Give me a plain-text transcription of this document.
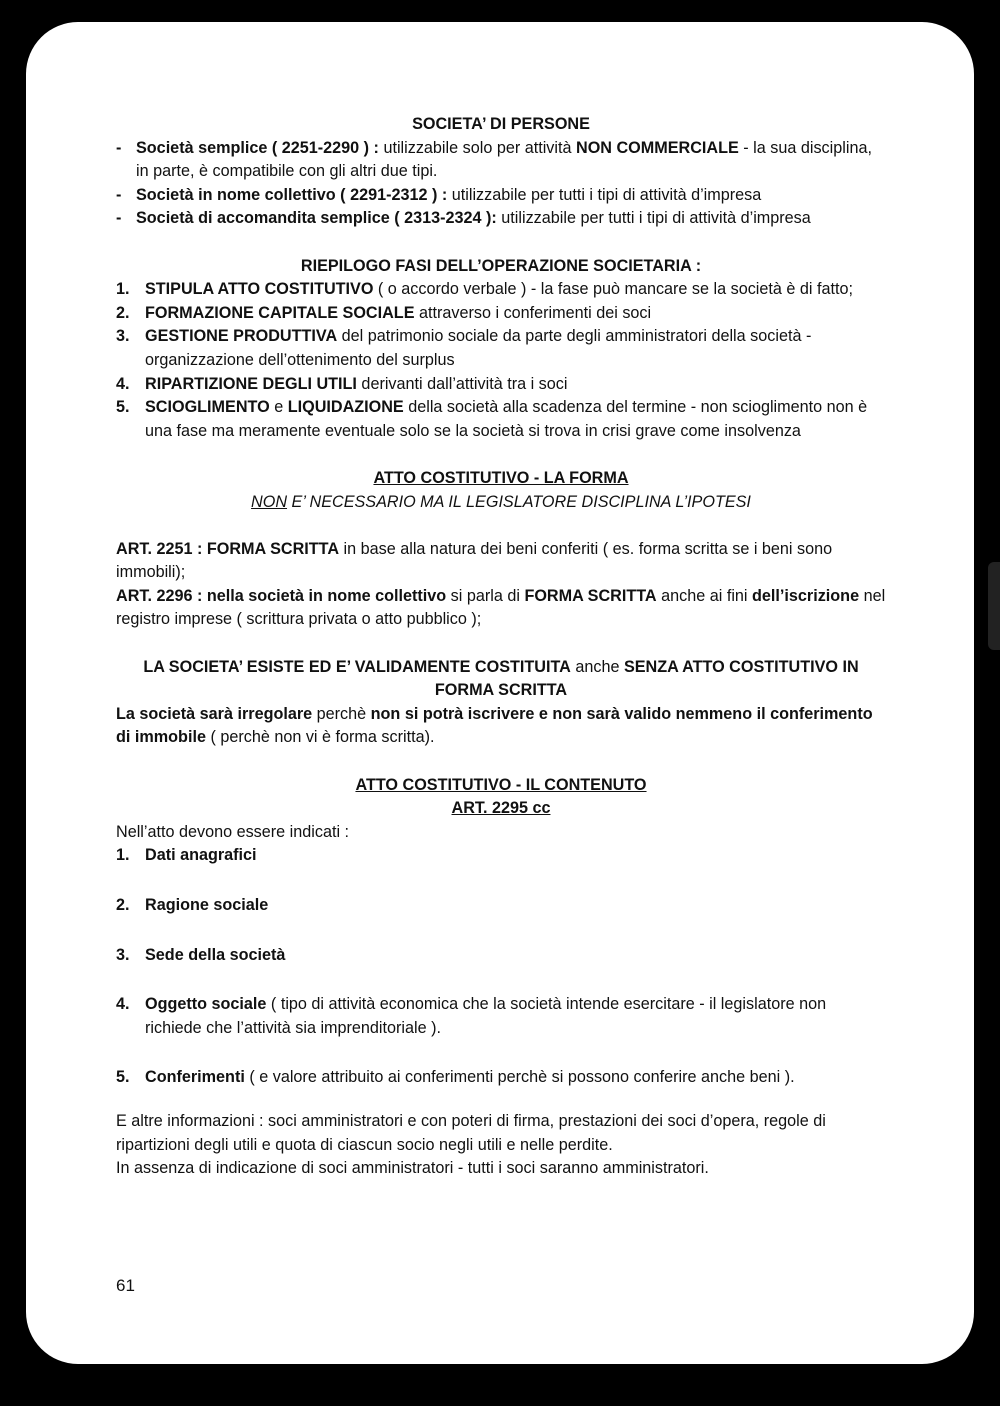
SOCIETA’ DI PERSONE
- Società semplice ( 2251-2290 ) : utilizzabile solo per attività NON COMMERCIALE - la sua disciplina, in parte, è compatibile con gli altri due tipi.
- Società in nome collettivo ( 2291-2312 ) : utilizzabile per tutti i tipi di attività d’impresa
- Società di accomandita semplice ( 2313-2324 ): utilizzabile per tutti i tipi di attività d’impresa
RIEPILOGO FASI DELL’OPERAZIONE SOCIETARIA :
1. STIPULA ATTO COSTITUTIVO ( o accordo verbale ) - la fase può mancare se la società è di fatto;
2. FORMAZIONE CAPITALE SOCIALE attraverso i conferimenti dei soci
3. GESTIONE PRODUTTIVA del patrimonio sociale da parte degli amministratori della società - organizzazione dell’ottenimento del surplus
4. RIPARTIZIONE DEGLI UTILI derivanti dall’attività tra i soci
5. SCIOGLIMENTO e LIQUIDAZIONE della società alla scadenza del termine - non scioglimento non è una fase ma meramente eventuale solo se la società si trova in crisi grave come insolvenza
ATTO COSTITUTIVO - LA FORMA
NON E’ NECESSARIO MA IL LEGISLATORE DISCIPLINA L’IPOTESI
ART. 2251 : FORMA SCRITTA in base alla natura dei beni conferiti ( es. forma scritta se i beni sono immobili);
ART. 2296 : nella società in nome collettivo si parla di FORMA SCRITTA anche ai fini dell’iscrizione nel registro imprese ( scrittura privata o atto pubblico );
LA SOCIETA’ ESISTE ED E’ VALIDAMENTE COSTITUITA anche SENZA ATTO COSTITUTIVO IN FORMA SCRITTA
La società sarà irregolare perchè non si potrà iscrivere e non sarà valido nemmeno il conferimento di immobile ( perchè non vi è forma scritta).
ATTO COSTITUTIVO - IL CONTENUTO
ART. 2295 cc
Nell’atto devono essere indicati :
1. Dati anagrafici
2. Ragione sociale
3. Sede della società
4. Oggetto sociale ( tipo di attività economica che la società intende esercitare - il legislatore non richiede che l’attività sia imprenditoriale ).
5. Conferimenti ( e valore attribuito ai conferimenti perchè si possono conferire anche beni ).
E altre informazioni : soci amministratori e con poteri di firma, prestazioni dei soci d’opera, regole di ripartizioni degli utili e quota di ciascun socio negli utili e nelle perdite.
In assenza di indicazione di soci amministratori - tutti i soci saranno amministratori.
61
